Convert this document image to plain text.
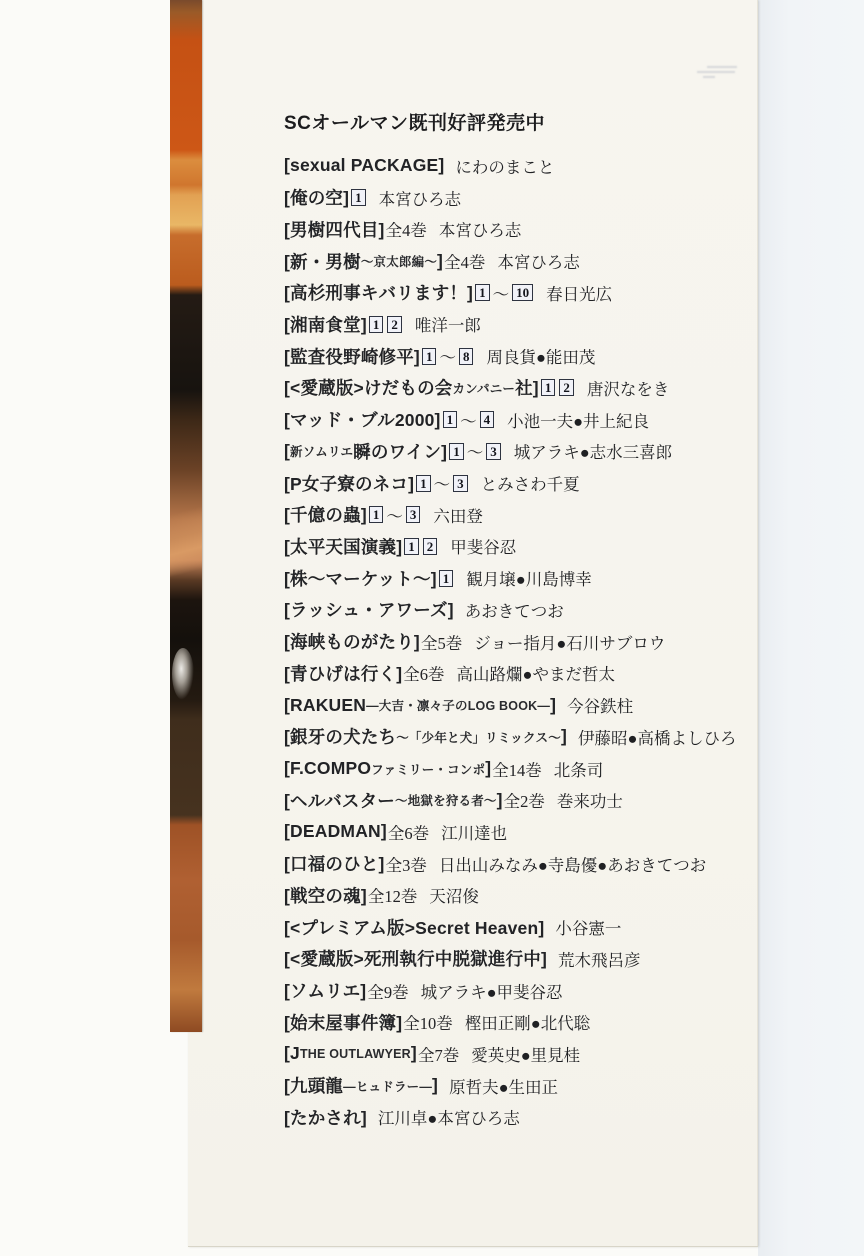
SCオールマン既刊好評発売中
[sexual PACKAGE] にわのまこと
[俺の空] 1 本宮ひろ志
[男樹四代目] 全4巻 本宮ひろ志
[新・男樹 〜京太郎編〜 ] 全4巻 本宮ひろ志
[高杉刑事キバリます！] 1 〜 10 春日光広
[湘南食堂] 1 2 唯洋一郎
[監査役野崎修平] 1 〜 8 周良貨●能田茂
[<愛蔵版>けだもの会 カンパニー 社] 1 2 唐沢なをき
[マッド・ブル2000] 1 〜 4 小池一夫●井上紀良
[ 新ソムリエ 瞬のワイン] 1 〜 3 城アラキ●志水三喜郎
[P女子寮のネコ] 1 〜 3 とみさわ千夏
[千億の蟲] 1 〜 3 六田登
[太平天国演義] 1 2 甲斐谷忍
[株〜マーケット〜] 1 観月壌●川島博幸
[ラッシュ・アワーズ] あおきてつお
[海峡ものがたり] 全5巻 ジョー指月●石川サブロウ
[青ひげは行く] 全6巻 高山路爛●やまだ哲太
[RAKUEN ―大吉・凛々子のLOG BOOK― ] 今谷鉄柱
[銀牙の犬たち 〜「少年と犬」リミックス〜 ] 伊藤昭●高橋よしひろ
[F.COMPO ファミリー・コンポ ] 全14巻 北条司
[ヘルバスター 〜地獄を狩る者〜 ] 全2巻 巻来功士
[DEADMAN] 全6巻 江川達也
[口福のひと] 全3巻 日出山みなみ●寺島優●あおきてつお
[戦空の魂] 全12巻 天沼俊
[<プレミアム版>Secret Heaven] 小谷憲一
[<愛蔵版>死刑執行中脱獄進行中] 荒木飛呂彦
[ソムリエ] 全9巻 城アラキ●甲斐谷忍
[始末屋事件簿] 全10巻 樫田正剛●北代聡
[J THE OUTLAWYER ] 全7巻 愛英史●里見桂
[九頭龍 ―ヒュドラー― ] 原哲夫●生田正
[たかされ] 江川卓●本宮ひろ志
